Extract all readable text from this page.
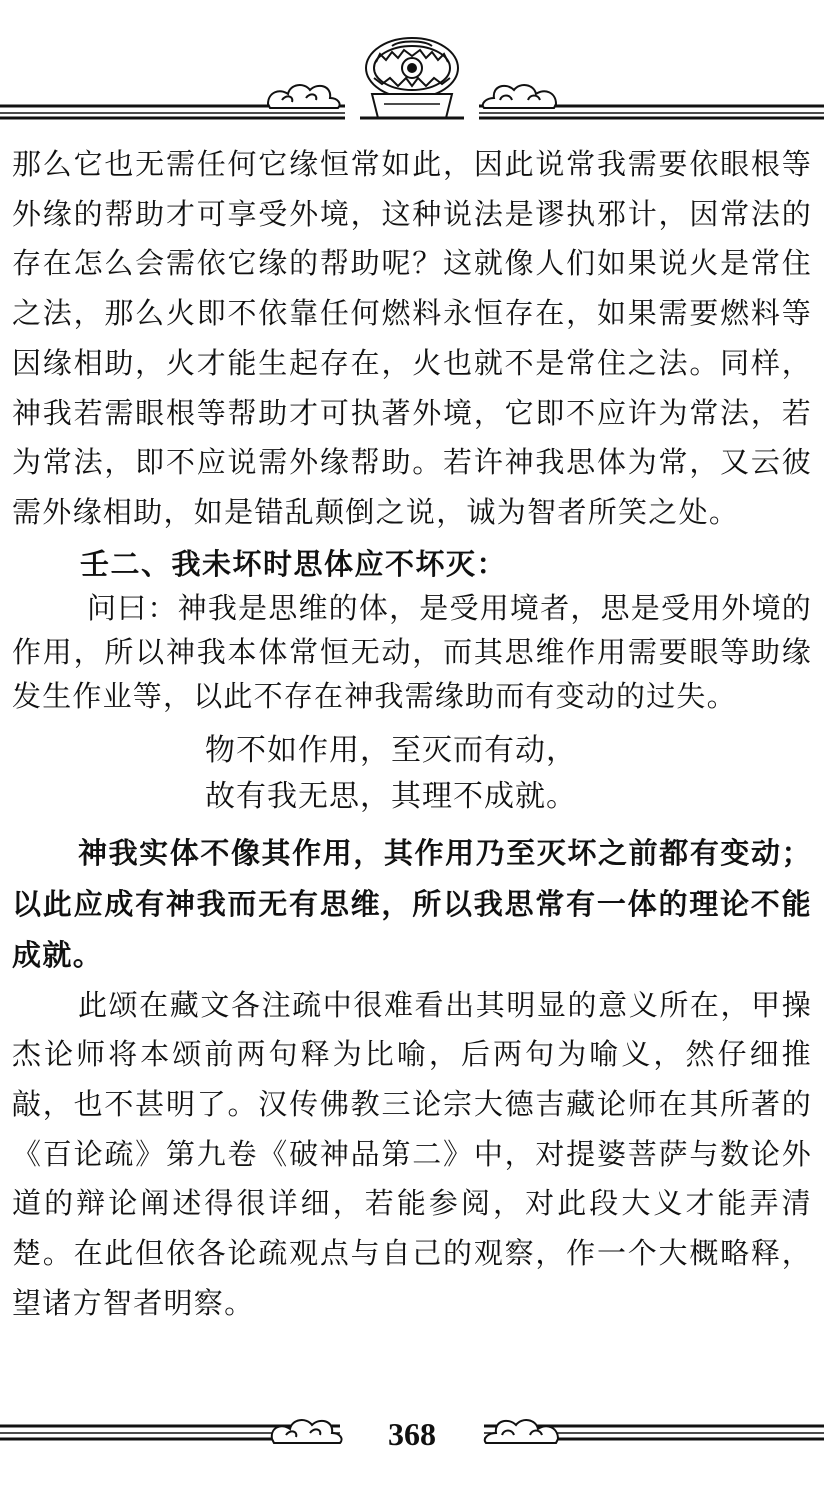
那么它也无需任何它缘恒常如此，因此说常我需要依眼根等外缘的帮助才可享受外境，这种说法是谬执邪计，因常法的存在怎么会需依它缘的帮助呢？这就像人们如果说火是常住之法，那么火即不依靠任何燃料永恒存在，如果需要燃料等因缘相助，火才能生起存在，火也就不是常住之法。同样，神我若需眼根等帮助才可执著外境，它即不应许为常法，若为常法，即不应说需外缘帮助。若许神我思体为常，又云彼需外缘相助，如是错乱颠倒之说，诚为智者所笑之处。

壬二、我未坏时思体应不坏灭：

问曰：神我是思维的体，是受用境者，思是受用外境的作用，所以神我本体常恒无动，而其思维作用需要眼等助缘发生作业等，以此不存在神我需缘助而有变动的过失。

物不如作用，至灭而有动，
故有我无思，其理不成就。

神我实体不像其作用，其作用乃至灭坏之前都有变动；以此应成有神我而无有思维，所以我思常有一体的理论不能成就。

此颂在藏文各注疏中很难看出其明显的意义所在，甲操杰论师将本颂前两句释为比喻，后两句为喻义，然仔细推敲，也不甚明了。汉传佛教三论宗大德吉藏论师在其所著的《百论疏》第九卷《破神品第二》中，对提婆菩萨与数论外道的辩论阐述得很详细，若能参阅，对此段大义才能弄清楚。在此但依各论疏观点与自己的观察，作一个大概略释，望诸方智者明察。

368
